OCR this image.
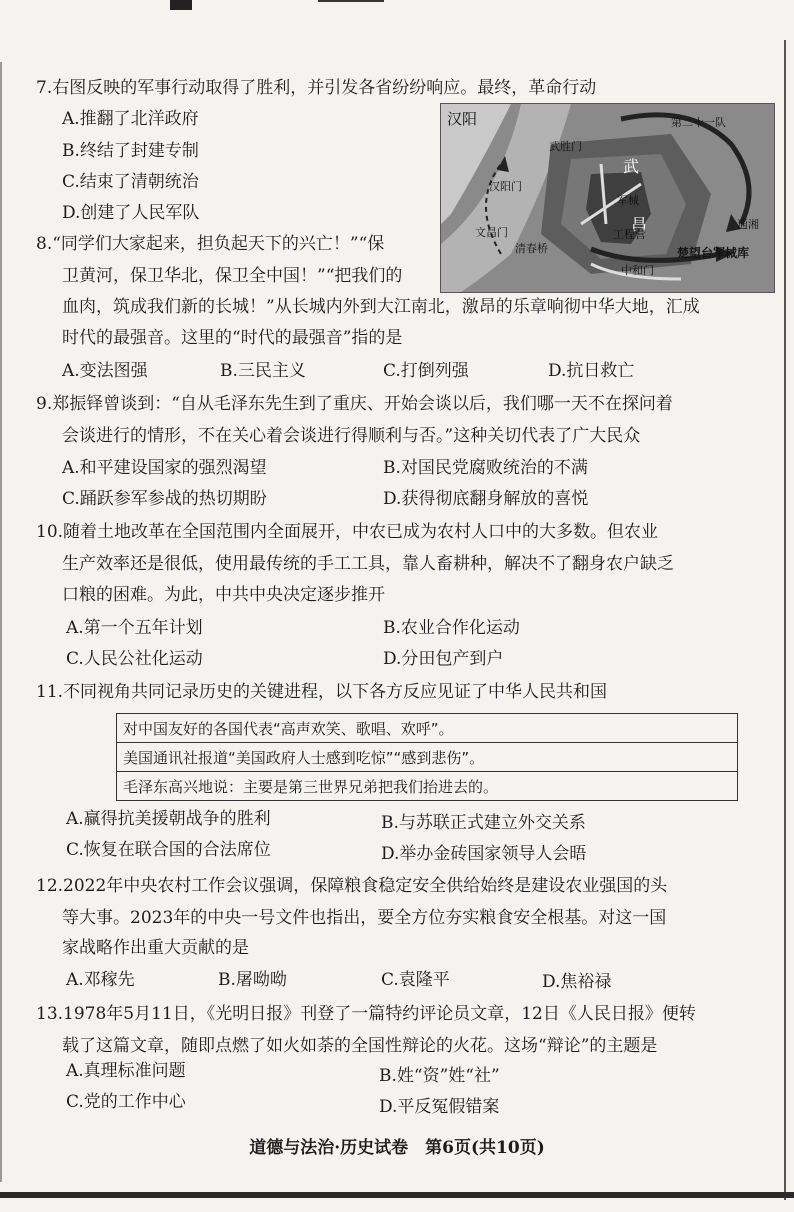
7.右图反映的军事行动取得了胜利，并引发各省纷纷响应。最终，革命行动
A.推翻了北洋政府
B.终结了封建专制
C.结束了清朝统治
D.创建了人民军队
汉阳
武胜门
第二十一队
武
汉阳门
军械
昌
文昌门
清春桥
工程营
通湘
中和门
楚望台军械库
8.“同学们大家起来，担负起天下的兴亡！”“保
卫黄河，保卫华北，保卫全中国！”“把我们的
血肉，筑成我们新的长城！”从长城内外到大江南北，激昂的乐章响彻中华大地，汇成
时代的最强音。这里的“时代的最强音”指的是
A.变法图强	B.三民主义	C.打倒列强	D.抗日救亡
9.郑振铎曾谈到：“自从毛泽东先生到了重庆、开始会谈以后，我们哪一天不在探问着
会谈进行的情形，不在关心着会谈进行得顺利与否。”这种关切代表了广大民众
A.和平建设国家的强烈渴望	B.对国民党腐败统治的不满
C.踊跃参军参战的热切期盼	D.获得彻底翻身解放的喜悦
10.随着土地改革在全国范围内全面展开，中农已成为农村人口中的大多数。但农业
生产效率还是很低，使用最传统的手工工具，靠人畜耕种，解决不了翻身农户缺乏
口粮的困难。为此，中共中央决定逐步推开
A.第一个五年计划	B.农业合作化运动
C.人民公社化运动	D.分田包产到户
11.不同视角共同记录历史的关键进程，以下各方反应见证了中华人民共和国
对中国友好的各国代表“高声欢笑、歌唱、欢呼”。
美国通讯社报道“美国政府人士感到吃惊”“感到悲伤”。
毛泽东高兴地说：主要是第三世界兄弟把我们抬进去的。
A.赢得抗美援朝战争的胜利	B.与苏联正式建立外交关系
C.恢复在联合国的合法席位	D.举办金砖国家领导人会晤
12.2022年中央农村工作会议强调，保障粮食稳定安全供给始终是建设农业强国的头
等大事。2023年的中央一号文件也指出，要全方位夯实粮食安全根基。对这一国
家战略作出重大贡献的是
A.邓稼先	B.屠呦呦	C.袁隆平	D.焦裕禄
13.1978年5月11日，《光明日报》刊登了一篇特约评论员文章，12日《人民日报》便转
载了这篇文章，随即点燃了如火如荼的全国性辩论的火花。这场“辩论”的主题是
A.真理标准问题	B.姓“资”姓“社”
C.党的工作中心	D.平反冤假错案
道德与法治·历史试卷　第6页(共10页)
